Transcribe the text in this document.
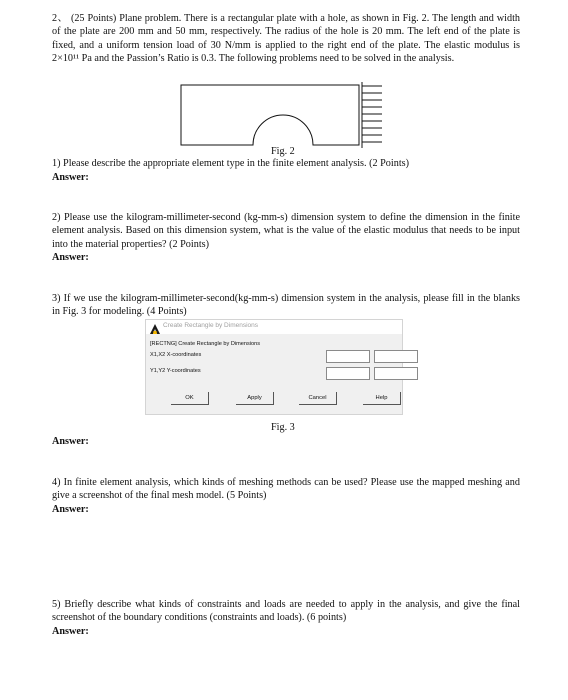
2、 (25 Points) Plane problem. There is a rectangular plate with a hole, as shown in Fig. 2. The length and width of the plate are 200 mm and 50 mm, respectively. The radius of the hole is 20 mm. The left end of the plate is fixed, and a uniform tension load of 30 N/mm is applied to the right end of the plate. The elastic modulus is 2×10¹¹ Pa and the Passion’s Ratio is 0.3. The following problems need to be solved in the analysis.

Fig. 2

1) Please describe the appropriate element type in the finite element analysis. (2 Points)

Answer:

2) Please use the kilogram-millimeter-second (kg-mm-s) dimension system to define the dimension in the finite element analysis. Based on this dimension system, what is the value of the elastic modulus that needs to be input into the material properties? (2 Points)

Answer:

3) If we use the kilogram-millimeter-second(kg-mm-s) dimension system in the analysis, please fill in the blanks in Fig. 3 for modeling. (4 Points)

Create Rectangle by Dimensions
[RECTNG] Create Rectangle by Dimensions
X1,X2 X-coordinates
Y1,Y2 Y-coordinates
OK	Apply	Cancel	Help
Fig. 3
Answer:

4) In finite element analysis, which kinds of meshing methods can be used? Please use the mapped meshing and give a screenshot of the final mesh model. (5 Points)

Answer:

5) Briefly describe what kinds of constraints and loads are needed to apply in the analysis, and give the final screenshot of the boundary conditions (constraints and loads). (6 points)

Answer:
